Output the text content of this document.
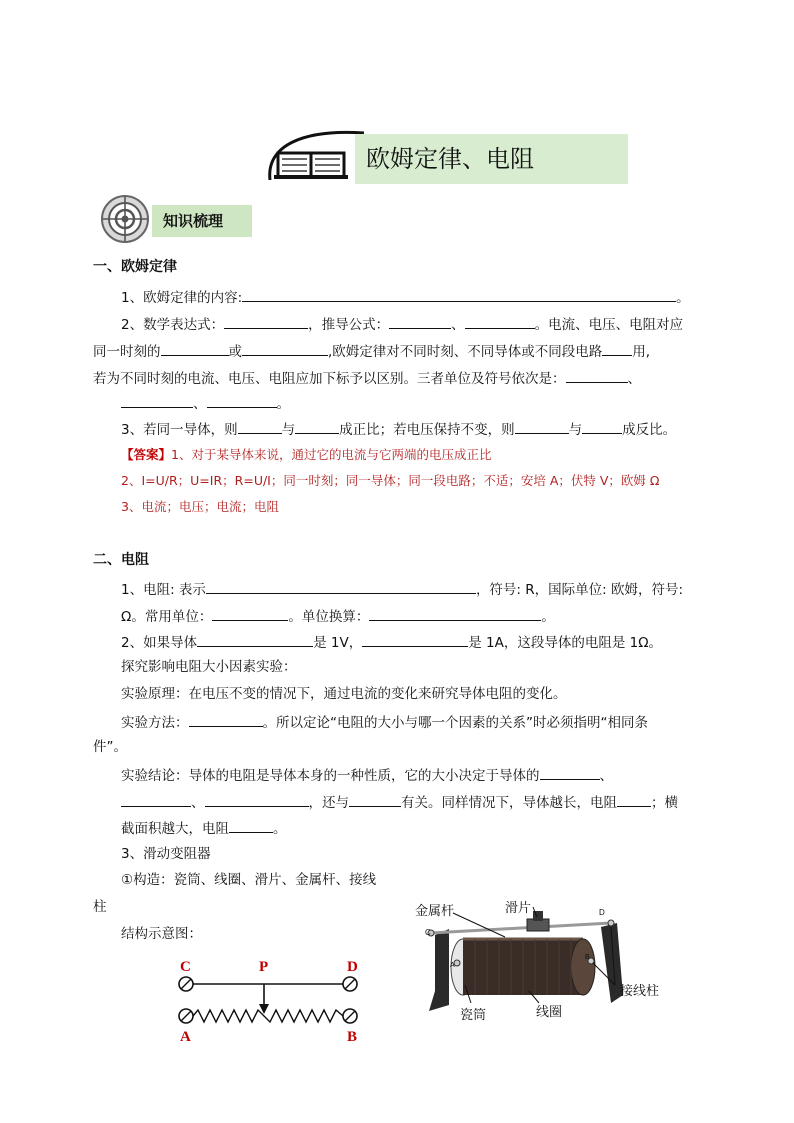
欧姆定律、电阻
知识梳理
一、欧姆定律
1、欧姆定律的内容:	。
2、数学表达式：	，推导公式：	、	。电流、电压、电阻对应
同一时刻的	或	,欧姆定律对不同时刻、不同导体或不同段电路 用,
若为不同时刻的电流、电压、电阻应加下标予以区别。三者单位及符号依次是：	、
、	。
3、若同一导体，则	与	成正比；若电压保持不变，则	与	成反比。
【答案】1、对于某导体来说，通过它的电流与它两端的电压成正比
2、I=U/R；U=IR；R=U/I；同一时刻；同一导体；同一段电路；不适；安培 A；伏特 V；欧姆 Ω
3、电流；电压；电流；电阻
二、电阻
1、电阻: 表示	，符号: R，国际单位: 欧姆，符号:
Ω。常用单位：	。单位换算：	。
2、如果导体	是 1V，	是 1A，这段导体的电阻是 1Ω。
探究影响电阻大小因素实验：
实验原理：在电压不变的情况下，通过电流的变化来研究导体电阻的变化。
实验方法：	。所以定论“电阻的大小与哪一个因素的关系”时必须指明“相同条
件”。
实验结论：导体的电阻是导体本身的一种性质，它的大小决定于导体的	、
、	，还与	有关。同样情况下，导体越长，电阻	；横
截面积越大，电阻	。
3、滑动变阻器
①构造：瓷筒、线圈、滑片、金属杆、接线
柱
结构示意图：
C	P	D
A	B
C
D
A
B
金属杆	滑片
接线柱
瓷筒	线圈
